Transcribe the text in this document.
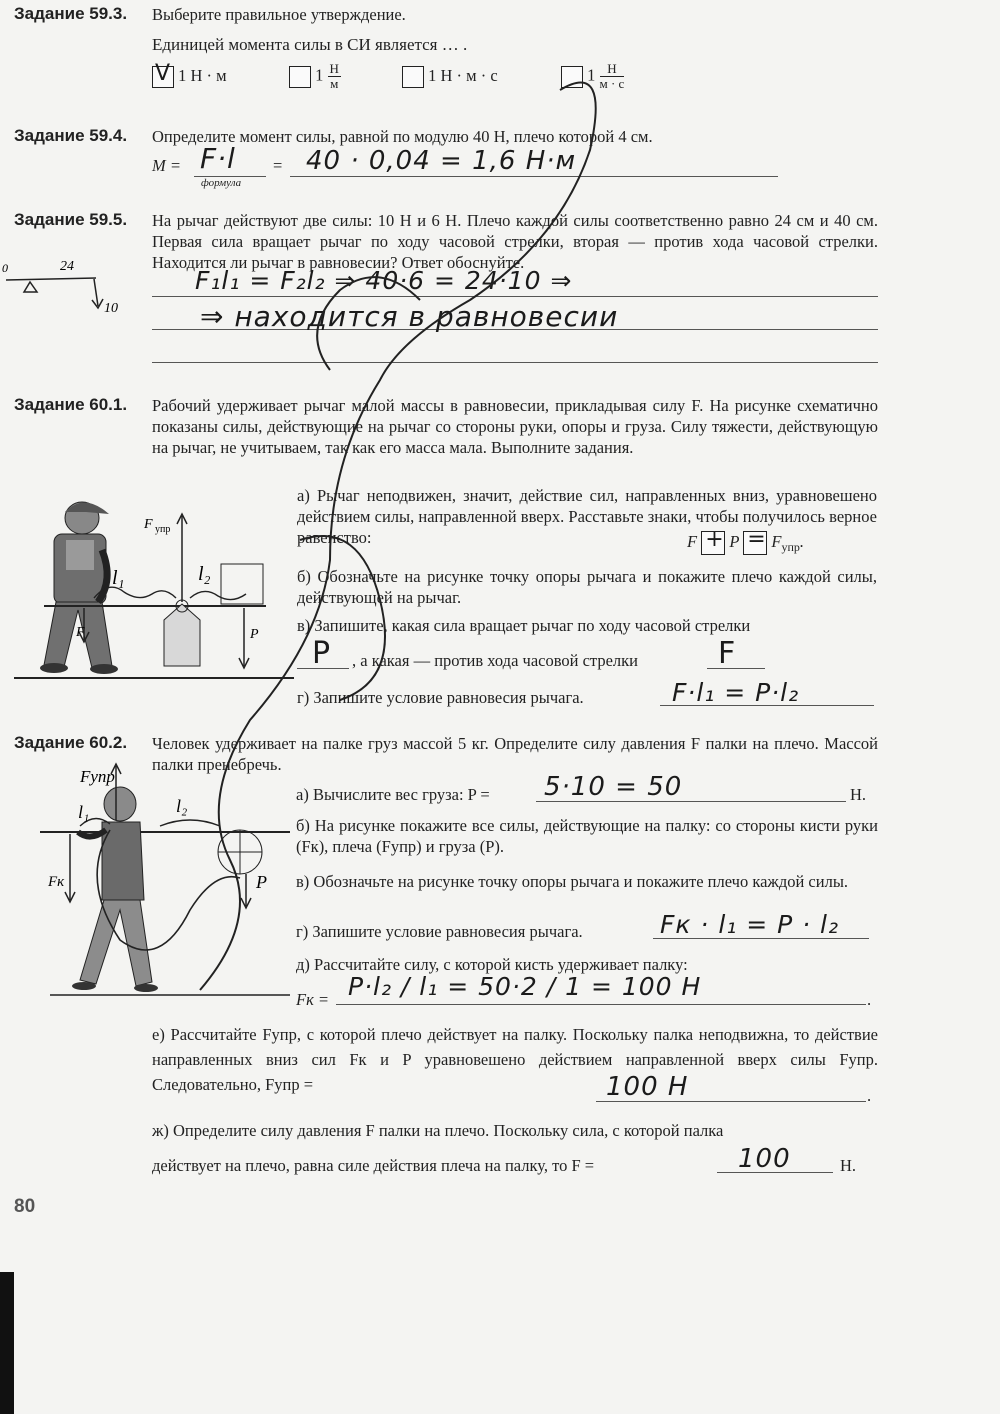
Задание 59.3. Выберите правильное утверждение.
Единицей момента силы в СИ является … .
V 1 Н · м	$1 \frac{Н}{м}$	1 Н · м · с	$1 \frac{Н}{м \cdot с}$
Задание 59.4. Определите момент силы, равной по модулю 40 Н, плечо которой 4 см.
M =
формула
F·l = 40 · 0,04 = 1,6 Н·м
Задание 59.5. На рычаг действуют две силы: 10 Н и 6 Н. Плечо каждой силы соответственно равно 24 см и 40 см. Первая сила вращает рычаг по ходу часовой стрелки, вторая — против хода часовой стрелки. Находится ли рычаг в равновесии? Ответ обоснуйте.
24
10
0	F₁l₁ = F₂l₂ ⇒ 40·6 = 24·10 ⇒
⇒ находится в равновесии
Задание 60.1. Рабочий удерживает рычаг малой массы в равновесии, прикладывая силу F. На рисунке схематично показаны силы, действующие на рычаг со стороны руки, опоры и груза. Силу тяжести, действующую на рычаг, не учитываем, так как его масса мала. Выполните задания.
F упр
F	P
l₁	l₂
а) Рычаг неподвижен, значит, действие сил, направленных вниз, уравновешено действием силы, направленной вверх. Расставьте знаки, чтобы получилось верное равенство:	$F + P = F_{упр}$.
б) Обозначьте на рисунке точку опоры рычага и покажите плечо каждой силы, действующей на рычаг.
в) Запишите, какая сила вращает рычаг по ходу часовой стрелки
P , а какая — против хода часовой стрелки	F
г) Запишите условие равновесия рычага.	F·l₁ = P·l₂
Задание 60.2. Человек удерживает на палке груз массой 5 кг. Определите силу давления F палки на плечо. Массой палки пренебречь.
Fупр
Fк
l₁	l₂
P
а) Вычислите вес груза: P = 5·10 = 50	Н.
б) На рисунке покажите все силы, действующие на палку: со стороны кисти руки (Fк), плеча (Fупр) и груза (P).
в) Обозначьте на рисунке точку опоры рычага и покажите плечо каждой силы.
г) Запишите условие равновесия рычага.	Fк · l₁ = P · l₂
д) Рассчитайте силу, с которой кисть удерживает палку:
Fк =	.
P·l₂ / l₁ = 50·2 / 1 = 100 Н
е) Рассчитайте Fупр, с которой плечо действует на палку. Поскольку палка неподвижна, то действие направленных вниз сил Fк и P уравновешено действием направленной вверх силы Fупр. Следовательно, Fупр =
.
100 Н
ж) Определите силу давления F палки на плечо. Поскольку сила, с которой палка
действует на плечо, равна силе действия плеча на палку, то F =	100	Н.
80
